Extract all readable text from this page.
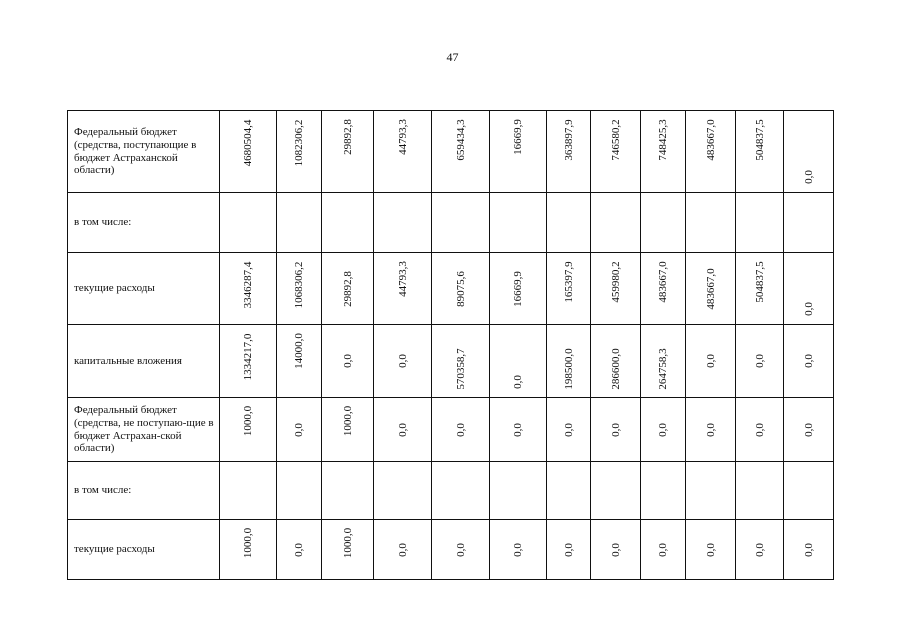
47
Федеральный бюджет (средства, поступающие в бюджет Астраханской области)	4680504,4	1082306,2	29892,8	44793,3	659434,3	16669,9	363897,9	746580,2	748425,3	483667,0	504837,5	0,0

в том числе:												

текущие расходы	3346287,4	1068306,2	29892,8	44793,3	89075,6	16669,9	165397,9	459980,2	483667,0	483667,0	504837,5	0,0

капитальные вложения	1334217,0	14000,0	0,0	0,0	570358,7	0,0	198500,0	286600,0	264758,3	0,0	0,0	0,0

Федеральный бюджет (средства, не поступаю-щие в бюджет Астрахан-ской области)	1000,0	0,0	1000,0	0,0	0,0	0,0	0,0	0,0	0,0	0,0	0,0	0,0

в том числе:												

текущие расходы	1000,0	0,0	1000,0	0,0	0,0	0,0	0,0	0,0	0,0	0,0	0,0	0,0
